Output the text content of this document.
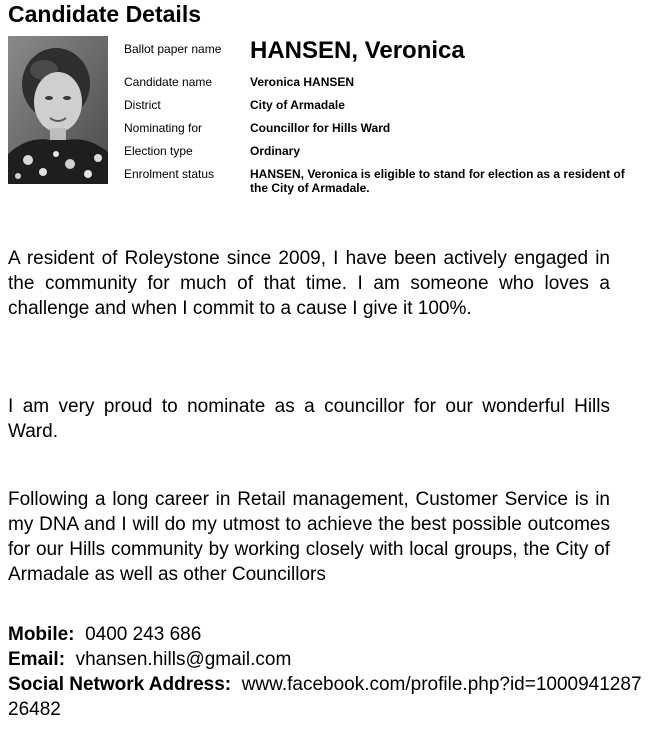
Candidate Details
Ballot paper name HANSEN, Veronica
Candidate name	Veronica HANSEN
District	City of Armadale
Nominating for	Councillor for Hills Ward
Election type	Ordinary
Enrolment status	HANSEN, Veronica is eligible to stand for election as a resident of the City of Armadale.

A resident of Roleystone since 2009, I have been actively engaged in the community for much of that time. I am someone who loves a challenge and when I commit to a cause I give it 100%.

I am very proud to nominate as a councillor for our wonderful Hills Ward.

Following a long career in Retail management, Customer Service is in my DNA and I will do my utmost to achieve the best possible outcomes for our Hills community by working closely with local groups, the City of Armadale as well as other Councillors

Mobile: 0400 243 686
Email: vhansen.hills@gmail.com
Social Network Address: www.facebook.com/profile.php?id=100094128726482
